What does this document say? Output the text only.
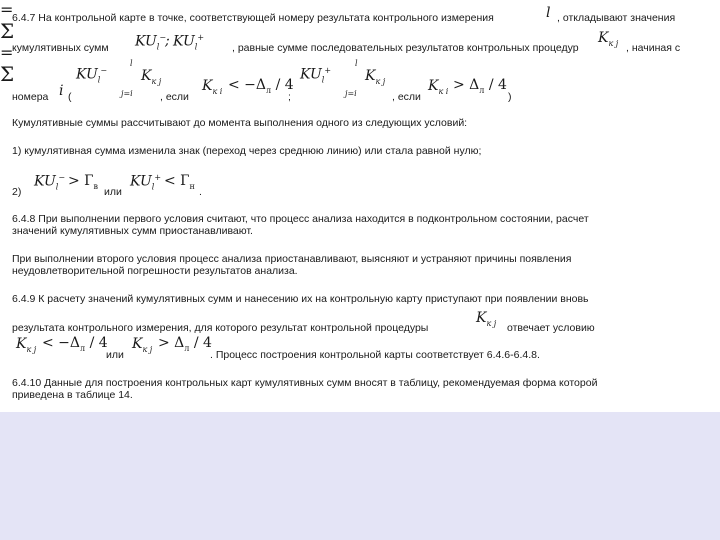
6.4.7 На контрольной карте в точке, соответствующей номеру результата контрольного измерения	l , откладывают значения
кумулятивных сумм $KU_l^-$
; $KU_l^+$
, равные сумме последовательных результатов контрольных процедур
$K_{к j}$ , начиная с
l
$KU_l^-$
=
Σ
$K_{к j}$
j=i
номера i (	, если
$K_{к i} < -\Delta_л / 4$
;
l
$KU_l^+$
=
Σ	$K_{к j}$
j=i	, если
$K_{к i} > \Delta_л / 4$
)
Кумулятивные суммы рассчитывают до момента выполнения одного из следующих условий:
1) кумулятивная сумма изменила знак (переход через среднюю линию) или стала равной нулю;
2)
$KU_l^- > Г_в$ или
$KU_l^+ < Г_н$ .
6.4.8 При выполнении первого условия считают, что процесс анализа находится в подконтрольном состоянии, расчет
значений кумулятивных сумм приостанавливают.
При выполнении второго условия процесс анализа приостанавливают, выясняют и устраняют причины появления
неудовлетворительной погрешности результатов анализа.
6.4.9 К расчету значений кумулятивных сумм и нанесению их на контрольную карту приступают при появлении вновь
результата контрольного измерения, для которого результат контрольной процедуры
$K_{к j}$ отвечает условию
$K_{к j} < -\Delta_л / 4$
или
$K_{к j} > \Delta_л / 4$
. Процесс построения контрольной карты соответствует 6.4.6-6.4.8.
6.4.10 Данные для построения контрольных карт кумулятивных сумм вносят в таблицу, рекомендуемая форма которой
приведена в таблице 14.
